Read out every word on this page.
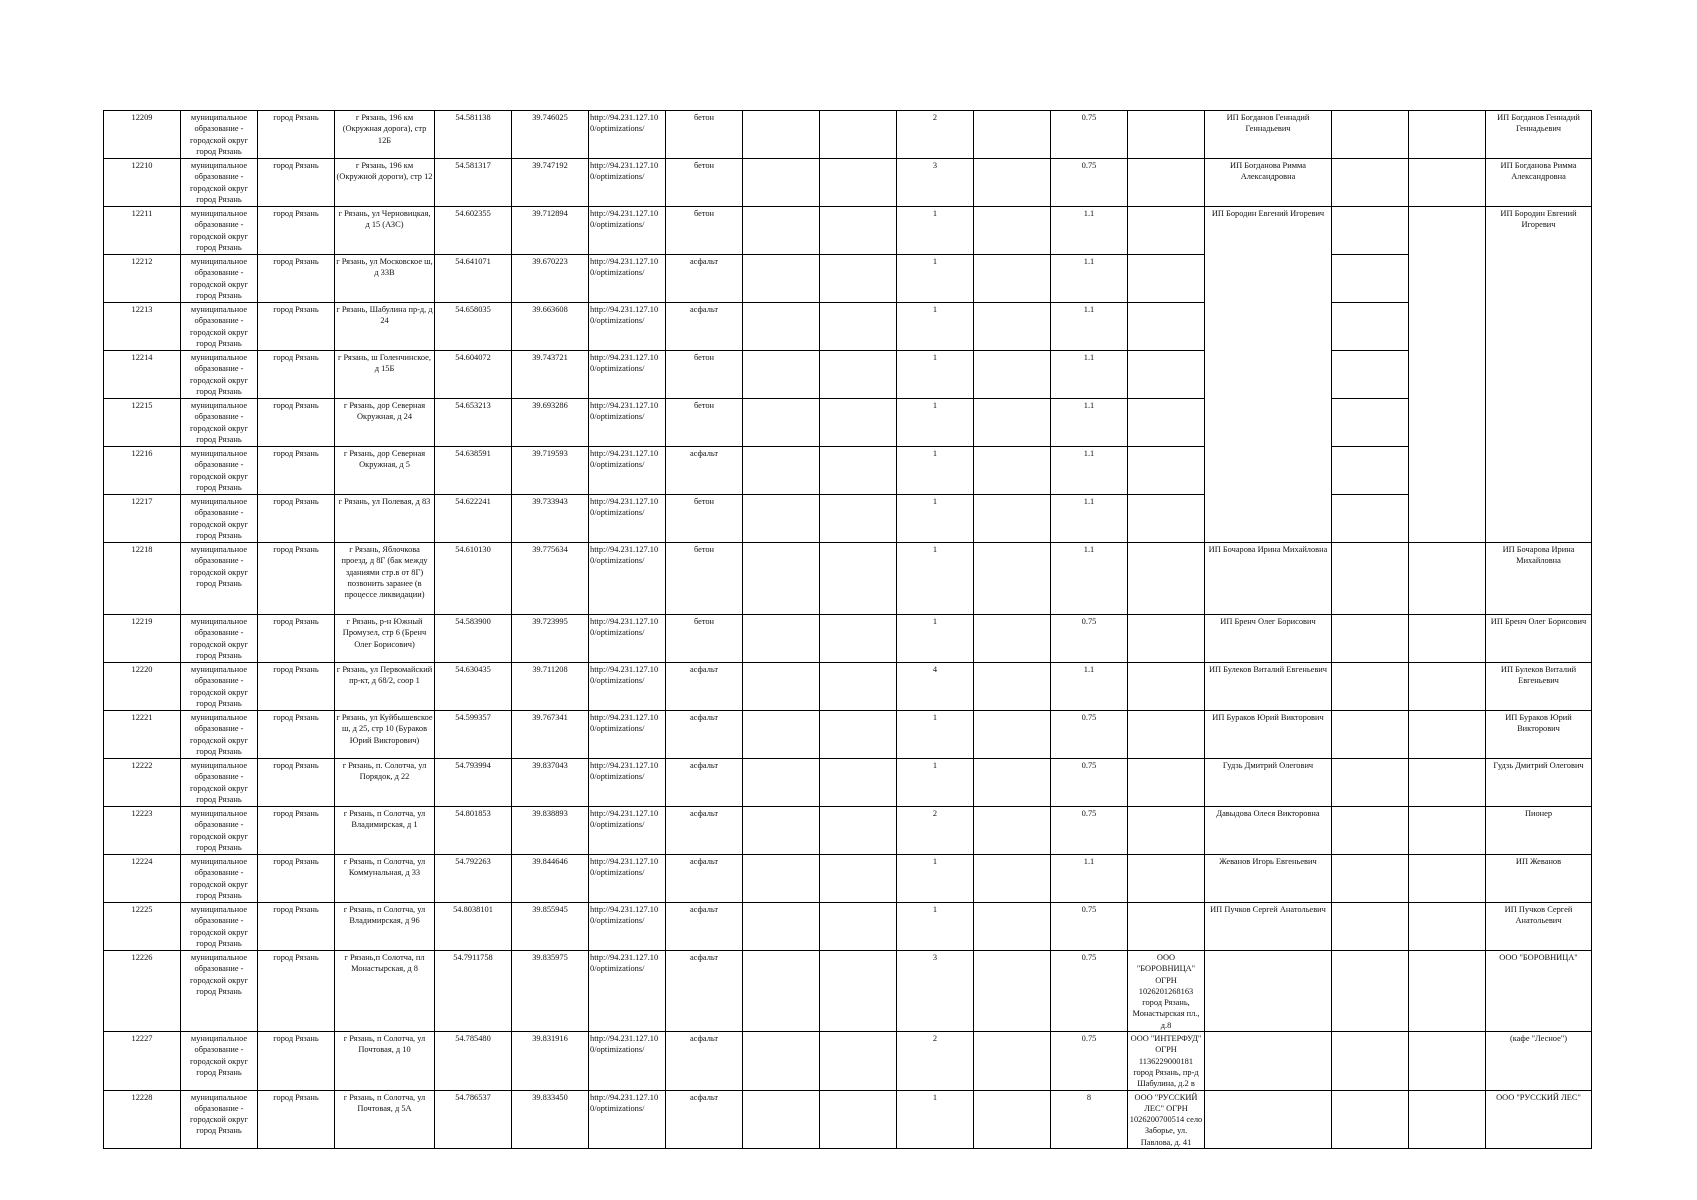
12209	муниципальное образование - городской округ город Рязань	город Рязань	г Рязань, 196 км (Окружная дорога), стр 12Б	54.581138	39.746025	http://94.231.127.10 0/optimizations/	бетон			2		0.75		ИП Богданов Геннадий Геннадьевич			ИП Богданов Геннадий Геннадьевич
12210	муниципальное образование - городской округ город Рязань	город Рязань	г Рязань, 196 км (Окружной дороги), стр 12	54.581317	39.747192	http://94.231.127.10 0/optimizations/	бетон			3		0.75		ИП Богданова Римма Александровна			ИП Богданова Римма Александровна
12211	муниципальное образование - городской округ город Рязань	город Рязань	г Рязань, ул Черновицкая, д 15 (АЗС)	54.602355	39.712894	http://94.231.127.10 0/optimizations/	бетон			1		1.1		ИП Бородин Евгений Игоревич			ИП Бородин Евгений Игоревич
12212	муниципальное образование - городской округ город Рязань	город Рязань	г Рязань, ул Московское ш, д 33В	54.641071	39.670223	http://94.231.127.10 0/optimizations/	асфальт			1		1.1					
12213	муниципальное образование - городской округ город Рязань	город Рязань	г Рязань, Шабулина пр-д, д 24	54.658035	39.663608	http://94.231.127.10 0/optimizations/	асфальт			1		1.1					
12214	муниципальное образование - городской округ город Рязань	город Рязань	г Рязань, ш Голенчинское, д 15Б	54.604072	39.743721	http://94.231.127.10 0/optimizations/	бетон			1		1.1					
12215	муниципальное образование - городской округ город Рязань	город Рязань	г Рязань, дор Северная Окружная, д 24	54.653213	39.693286	http://94.231.127.10 0/optimizations/	бетон			1		1.1					
12216	муниципальное образование - городской округ город Рязань	город Рязань	г Рязань, дор Северная Окружная, д 5	54.638591	39.719593	http://94.231.127.10 0/optimizations/	асфальт			1		1.1					
12217	муниципальное образование - городской округ город Рязань	город Рязань	г Рязань, ул Полевая, д 83	54.622241	39.733943	http://94.231.127.10 0/optimizations/	бетон			1		1.1					
12218	муниципальное образование - городской округ город Рязань	город Рязань	г Рязань, Яблочкова проезд, д 8Г (бак между зданиями стр.в от 8Г) позвонить заранее (в процессе ликвидации)	54.610130	39.775634	http://94.231.127.10 0/optimizations/	бетон			1		1.1		ИП Бочарова Ирина Михайловна			ИП Бочарова Ирина Михайловна
12219	муниципальное образование - городской округ город Рязань	город Рязань	г Рязань, р-н Южный Промузел, стр 6 (Бренч Олег Борисович)	54.583900	39.723995	http://94.231.127.10 0/optimizations/	бетон			1		0.75		ИП Бренч Олег Борисович			ИП Бренч Олег Борисович
12220	муниципальное образование - городской округ город Рязань	город Рязань	г Рязань, ул Первомайский пр-кт, д 68/2, соор 1	54.630435	39.711208	http://94.231.127.10 0/optimizations/	асфальт			4		1.1		ИП Булеков Виталий Евгеньевич			ИП Булеков Виталий Евгеньевич
12221	муниципальное образование - городской округ город Рязань	город Рязань	г Рязань, ул Куйбышевское ш, д 25, стр 10 (Бураков Юрий Викторович)	54.599357	39.767341	http://94.231.127.10 0/optimizations/	асфальт			1		0.75		ИП Бураков Юрий Викторович			ИП Бураков Юрий Викторович
12222	муниципальное образование - городской округ город Рязань	город Рязань	г Рязань, п. Солотча, ул Порядок, д 22	54.793994	39.837043	http://94.231.127.10 0/optimizations/	асфальт			1		0.75		Гудзь Дмитрий Олегович			Гудзь Дмитрий Олегович
12223	муниципальное образование - городской округ город Рязань	город Рязань	г Рязань, п Солотча, ул Владимирская, д 1	54.801853	39.838893	http://94.231.127.10 0/optimizations/	асфальт			2		0.75		Давыдова Олеся Викторовна			Пионер
12224	муниципальное образование - городской округ город Рязань	город Рязань	г Рязань, п Солотча, ул Коммунальная, д 33	54.792263	39.844646	http://94.231.127.10 0/optimizations/	асфальт			1		1.1		Жеванов Игорь Евгеньевич			ИП Жеванов
12225	муниципальное образование - городской округ город Рязань	город Рязань	г Рязань, п Солотча, ул Владимирская, д 96	54.8038101	39.855945	http://94.231.127.10 0/optimizations/	асфальт			1		0.75		ИП Пучков Сергей Анатольевич			ИП Пучков Сергей Анатольевич
12226	муниципальное образование - городской округ город Рязань	город Рязань	г Рязань,п Солотча, пл Монастырская, д 8	54.7911758	39.835975	http://94.231.127.10 0/optimizations/	асфальт			3		0.75	ООО "БОРОВНИЦА" ОГРН 1026201268163 город Рязань, Монастырская пл., д.8				ООО "БОРОВНИЦА"
12227	муниципальное образование - городской округ город Рязань	город Рязань	г Рязань, п Солотча, ул Почтовая, д 10	54.785480	39.831916	http://94.231.127.10 0/optimizations/	асфальт			2		0.75	ООО "ИНТЕРФУД" ОГРН 1136229000181 город Рязань, пр-д Шабулина, д.2 в				(кафе "Лесное")
12228	муниципальное образование - городской округ город Рязань	город Рязань	г Рязань, п Солотча, ул Почтовая, д 5А	54.786537	39.833450	http://94.231.127.10 0/optimizations/	асфальт			1		8	ООО "РУССКИЙ ЛЕС" ОГРН 1026200700514 село Заборье, ул. Павлова, д. 41				ООО "РУССКИЙ ЛЕС"
